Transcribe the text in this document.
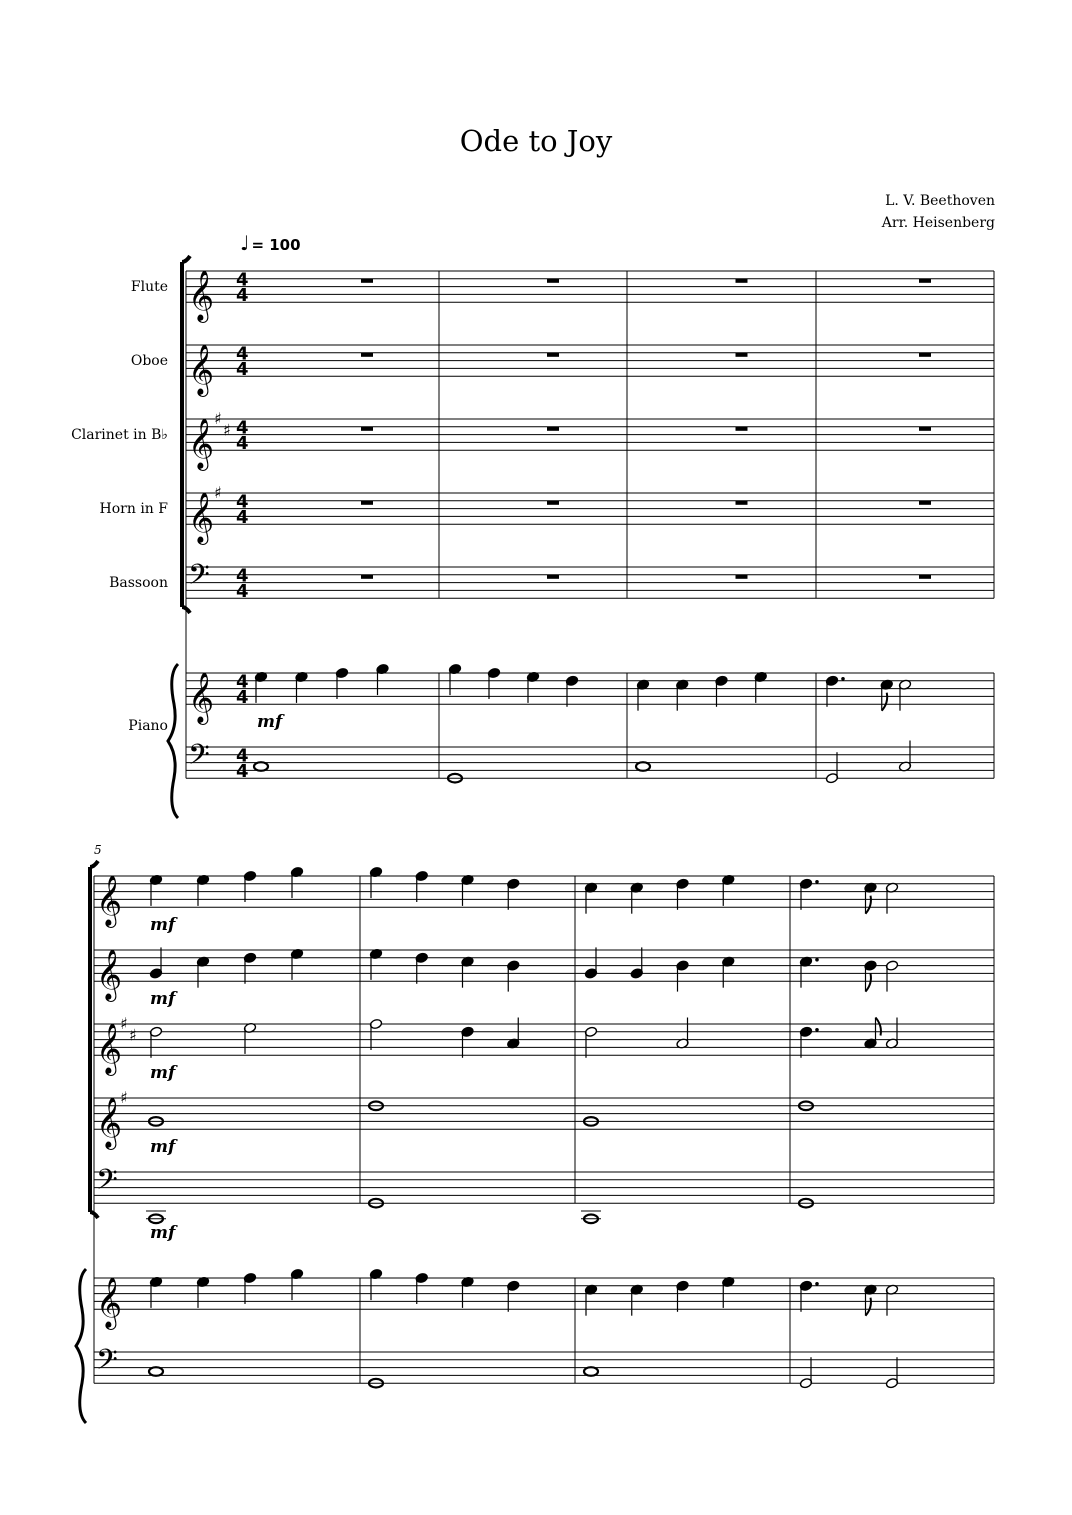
Ode to Joy
L. V. Beethoven
Arr. Heisenberg
♩ = 100
Flute
Oboe
Clarinet in B♭
Horn in F
Bassoon
Piano
5
𝄞 4
4
𝄞 4
4
𝄞 ♯
♯ 4
4
𝄞 ♯ 4
4
𝄢 4
4
𝄞
𝄢
4
4
4
4
mf
𝄞
𝄞
𝄞
♯
♯
𝄞
♯
𝄢
mf
mf
mf
mf
mf
𝄞
𝄢
